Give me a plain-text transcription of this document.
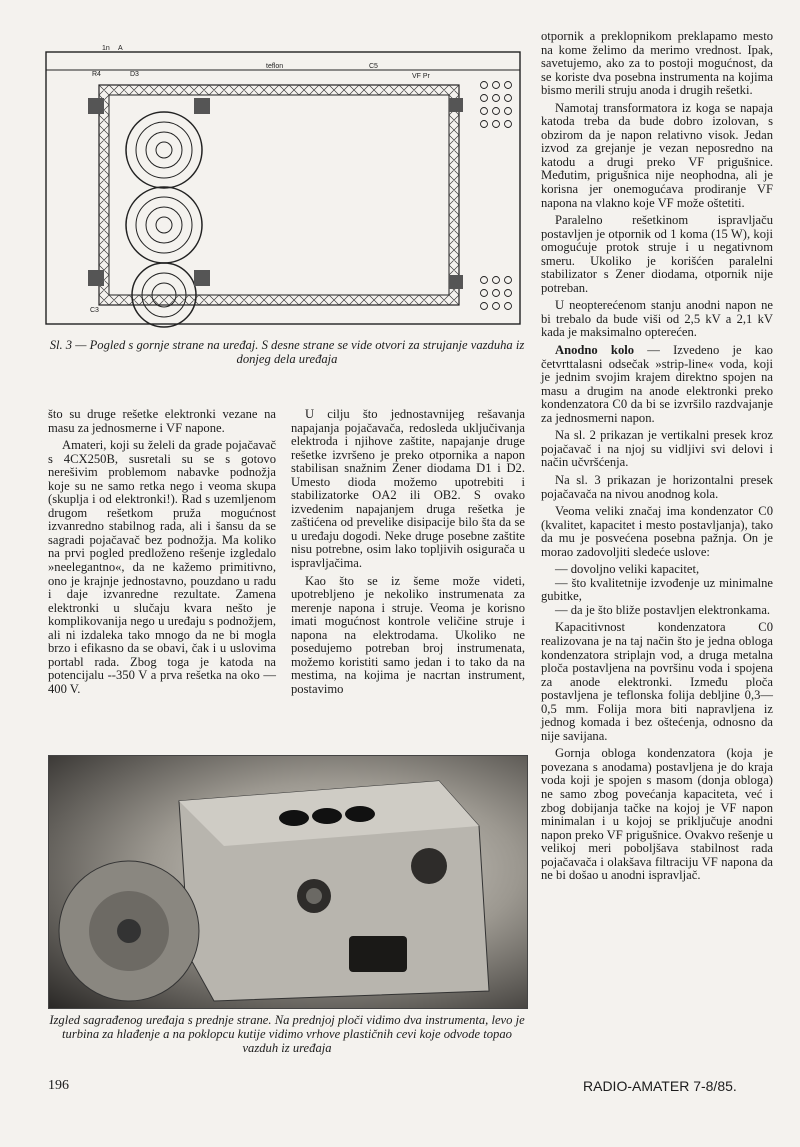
1n A
R4	D3
teflon	C5
VF Pr
C3
Sl. 3 — Pogled s gornje strane na uređaj. S desne strane se vide otvori za strujanje vazduha iz donjeg dela uređaja

što su druge rešetke elektronki vezane na masu za jednosmerne i VF napone.

Amateri, koji su želeli da grade pojačavač s 4CX250B, susretali su se s gotovo nerešivim problemom nabavke podnožja koje su ne samo retka nego i veoma skupa (skuplja i od elektronki!). Rad s uzemljenom drugom rešetkom pruža mogućnost izvanredno stabilnog rada, ali i šansu da se sagradi pojačavač bez podnožja. Ma koliko na prvi pogled predloženo rešenje izgledalo »neelegantno«, da ne kažemo primitivno, ono je krajnje jednostavno, pouzdano u radu i daje izvanredne rezultate. Zamena elektronki u slučaju kvara nešto je komplikovanija nego u uređaju s podnožjem, ali ni izdaleka tako mnogo da ne bi mogla brzo i efikasno da se obavi, čak i u uslovima portabl rada. Zbog toga je katoda na potencijalu --350 V a prva rešetka na oko —400 V.

U cilju što jednostavnijeg rešavanja napajanja pojačavača, redosleda uključivanja elektroda i njihove zaštite, napajanje druge rešetke izvršeno je preko otpornika a napon stabilisan snažnim Zener diodama D1 i D2. Umesto dioda možemo upotrebiti i stabilizatorke OA2 ili OB2. S ovako izvedenim napajanjem druga rešetka je zaštićena od prevelike disipacije bilo šta da se u uređaju dogodi. Neke druge posebne zaštite nisu potrebne, osim lako topljivih osigurača u ispravljačima.

Kao što se iz šeme može videti, upotrebljeno je nekoliko instrumenata za merenje napona i struje. Veoma je korisno imati mogućnost kontrole veličine struje i napona na elektrodama. Ukoliko ne posedujemo potreban broj instrumenata, možemo koristiti samo jedan i to tako da na mestima, na kojima je nacrtan instrument, postavimo

Izgled sagrađenog uređaja s prednje strane. Na prednjoj ploči vidimo dva instrumenta, levo je turbina za hlađenje a na poklopcu kutije vidimo vrhove plastičnih cevi koje odvode topao vazduh iz uređaja

otpornik a preklopnikom preklapamo mesto na kome želimo da merimo vrednost. Ipak, savetujemo, ako za to postoji mogućnost, da se koriste dva posebna instrumenta na kojima bismo merili struju anoda i drugih rešetki.

Namotaj transformatora iz koga se napaja katoda treba da bude dobro izolovan, s obzirom da je napon relativno visok. Jedan izvod za grejanje je vezan neposredno na katodu a drugi preko VF prigušnice. Međutim, prigušnica nije neophodna, ali je korisna jer onemogućava prodiranje VF napona na vlakno koje VF može oštetiti.

Paralelno rešetkinom ispravljaču postavljen je otpornik od 1 koma (15 W), koji omogućuje protok struje i u negativnom smeru. Ukoliko je korišćen paralelni stabilizator s Zener diodama, otpornik nije potreban.

U neopterećenom stanju anodni napon ne bi trebalo da bude viši od 2,5 kV a 2,1 kV kada je maksimalno opterećen.

Anodno kolo — Izvedeno je kao četvrttalasni odsečak »strip-line« voda, koji je jednim svojim krajem direktno spojen na masu a drugim na anode elektronki preko kondenzatora C0 da bi se izvršilo razdvajanje za jednosmerni napon.

Na sl. 2 prikazan je vertikalni presek kroz pojačavač i na njoj su vidljivi svi delovi i način učvršćenja.

Na sl. 3 prikazan je horizontalni presek pojačavača na nivou anodnog kola.

Veoma veliki značaj ima kondenzator C0 (kvalitet, kapacitet i mesto postavljanja), tako da mu je posvećena posebna pažnja. On je morao zadovoljiti sledeće uslove:

— dovoljno veliki kapacitet,
— što kvalitetnije izvođenje uz minimalne gubitke,
— da je što bliže postavljen elektronkama.

Kapacitivnost kondenzatora C0 realizovana je na taj način što je jedna obloga kondenzatora striplajn vod, a druga metalna ploča postavljena na površinu voda i spojena za anode elektronki. Između ploča postavljena je teflonska folija debljine 0,3—0,5 mm. Folija mora biti napravljena iz jednog komada i bez oštećenja, odnosno da nije savijana.

Gornja obloga kondenzatora (koja je povezana s anodama) postavljena je do kraja voda koji je spojen s masom (donja obloga) ne samo zbog povećanja kapaciteta, već i zbog dobijanja tačke na kojoj je VF napon minimalan i u kojoj se priključuje anodni napon preko VF prigušnice. Ovakvo rešenje u velikoj meri poboljšava stabilnost rada pojačavača i olakšava filtraciju VF napona da ne bi došao u anodni ispravljač.

196	RADIO-AMATER 7-8/85.
